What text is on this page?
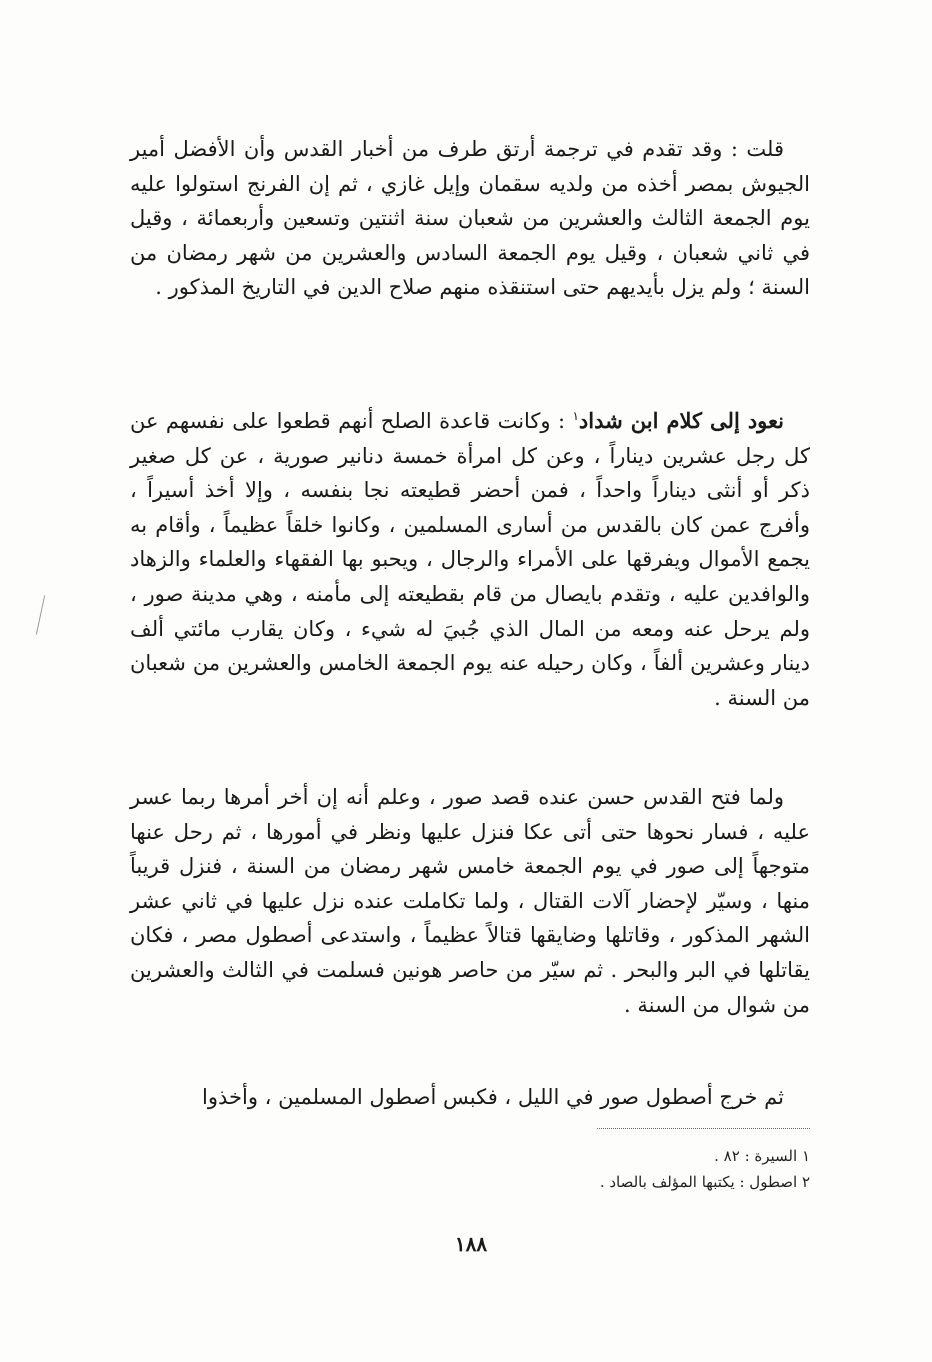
قلت : وقد تقدم في ترجمة أرتق طرف من أخبار القدس وأن الأفضل أمير الجيوش بمصر أخذه من ولديه سقمان وإيل غازي ، ثم إن الفرنج استولوا عليه يوم الجمعة الثالث والعشرين من شعبان سنة اثنتين وتسعين وأربعمائة ، وقيل في ثاني شعبان ، وقيل يوم الجمعة السادس والعشرين من شهر رمضان من السنة ؛ ولم يزل بأيديهم حتى استنقذه منهم صلاح الدين في التاريخ المذكور .

نعود إلى كلام ابن شداد$^١$ : وكانت قاعدة الصلح أنهم قطعوا على نفسهم عن كل رجل عشرين ديناراً ، وعن كل امرأة خمسة دنانير صورية ، عن كل صغير ذكر أو أنثى ديناراً واحداً ، فمن أحضر قطيعته نجا بنفسه ، وإلا أخذ أسيراً ، وأفرج عمن كان بالقدس من أسارى المسلمين ، وكانوا خلقاً عظيماً ، وأقام به يجمع الأموال ويفرقها على الأمراء والرجال ، ويحبو بها الفقهاء والعلماء والزهاد والوافدين عليه ، وتقدم بايصال من قام بقطيعته إلى مأمنه ، وهي مدينة صور ، ولم يرحل عنه ومعه من المال الذي جُبيَ له شيء ، وكان يقارب مائتي ألف دينار وعشرين ألفاً ، وكان رحيله عنه يوم الجمعة الخامس والعشرين من شعبان من السنة .

ولما فتح القدس حسن عنده قصد صور ، وعلم أنه إن أخر أمرها ربما عسر عليه ، فسار نحوها حتى أتى عكا فنزل عليها ونظر في أمورها ، ثم رحل عنها متوجهاً إلى صور في يوم الجمعة خامس شهر رمضان من السنة ، فنزل قريباً منها ، وسيّر لإحضار آلات القتال ، ولما تكاملت عنده نزل عليها في ثاني عشر الشهر المذكور ، وقاتلها وضايقها قتالاً عظيماً ، واستدعى أصطول مصر ، فكان يقاتلها في البر والبحر . ثم سيّر من حاصر هونين فسلمت في الثالث والعشرين من شوال من السنة .

ثم خرج أصطول صور في الليل ، فكبس أصطول المسلمين ، وأخذوا

١ السيرة : ٨٢ .

٢ اصطول : يكتبها المؤلف بالصاد .

١٨٨
